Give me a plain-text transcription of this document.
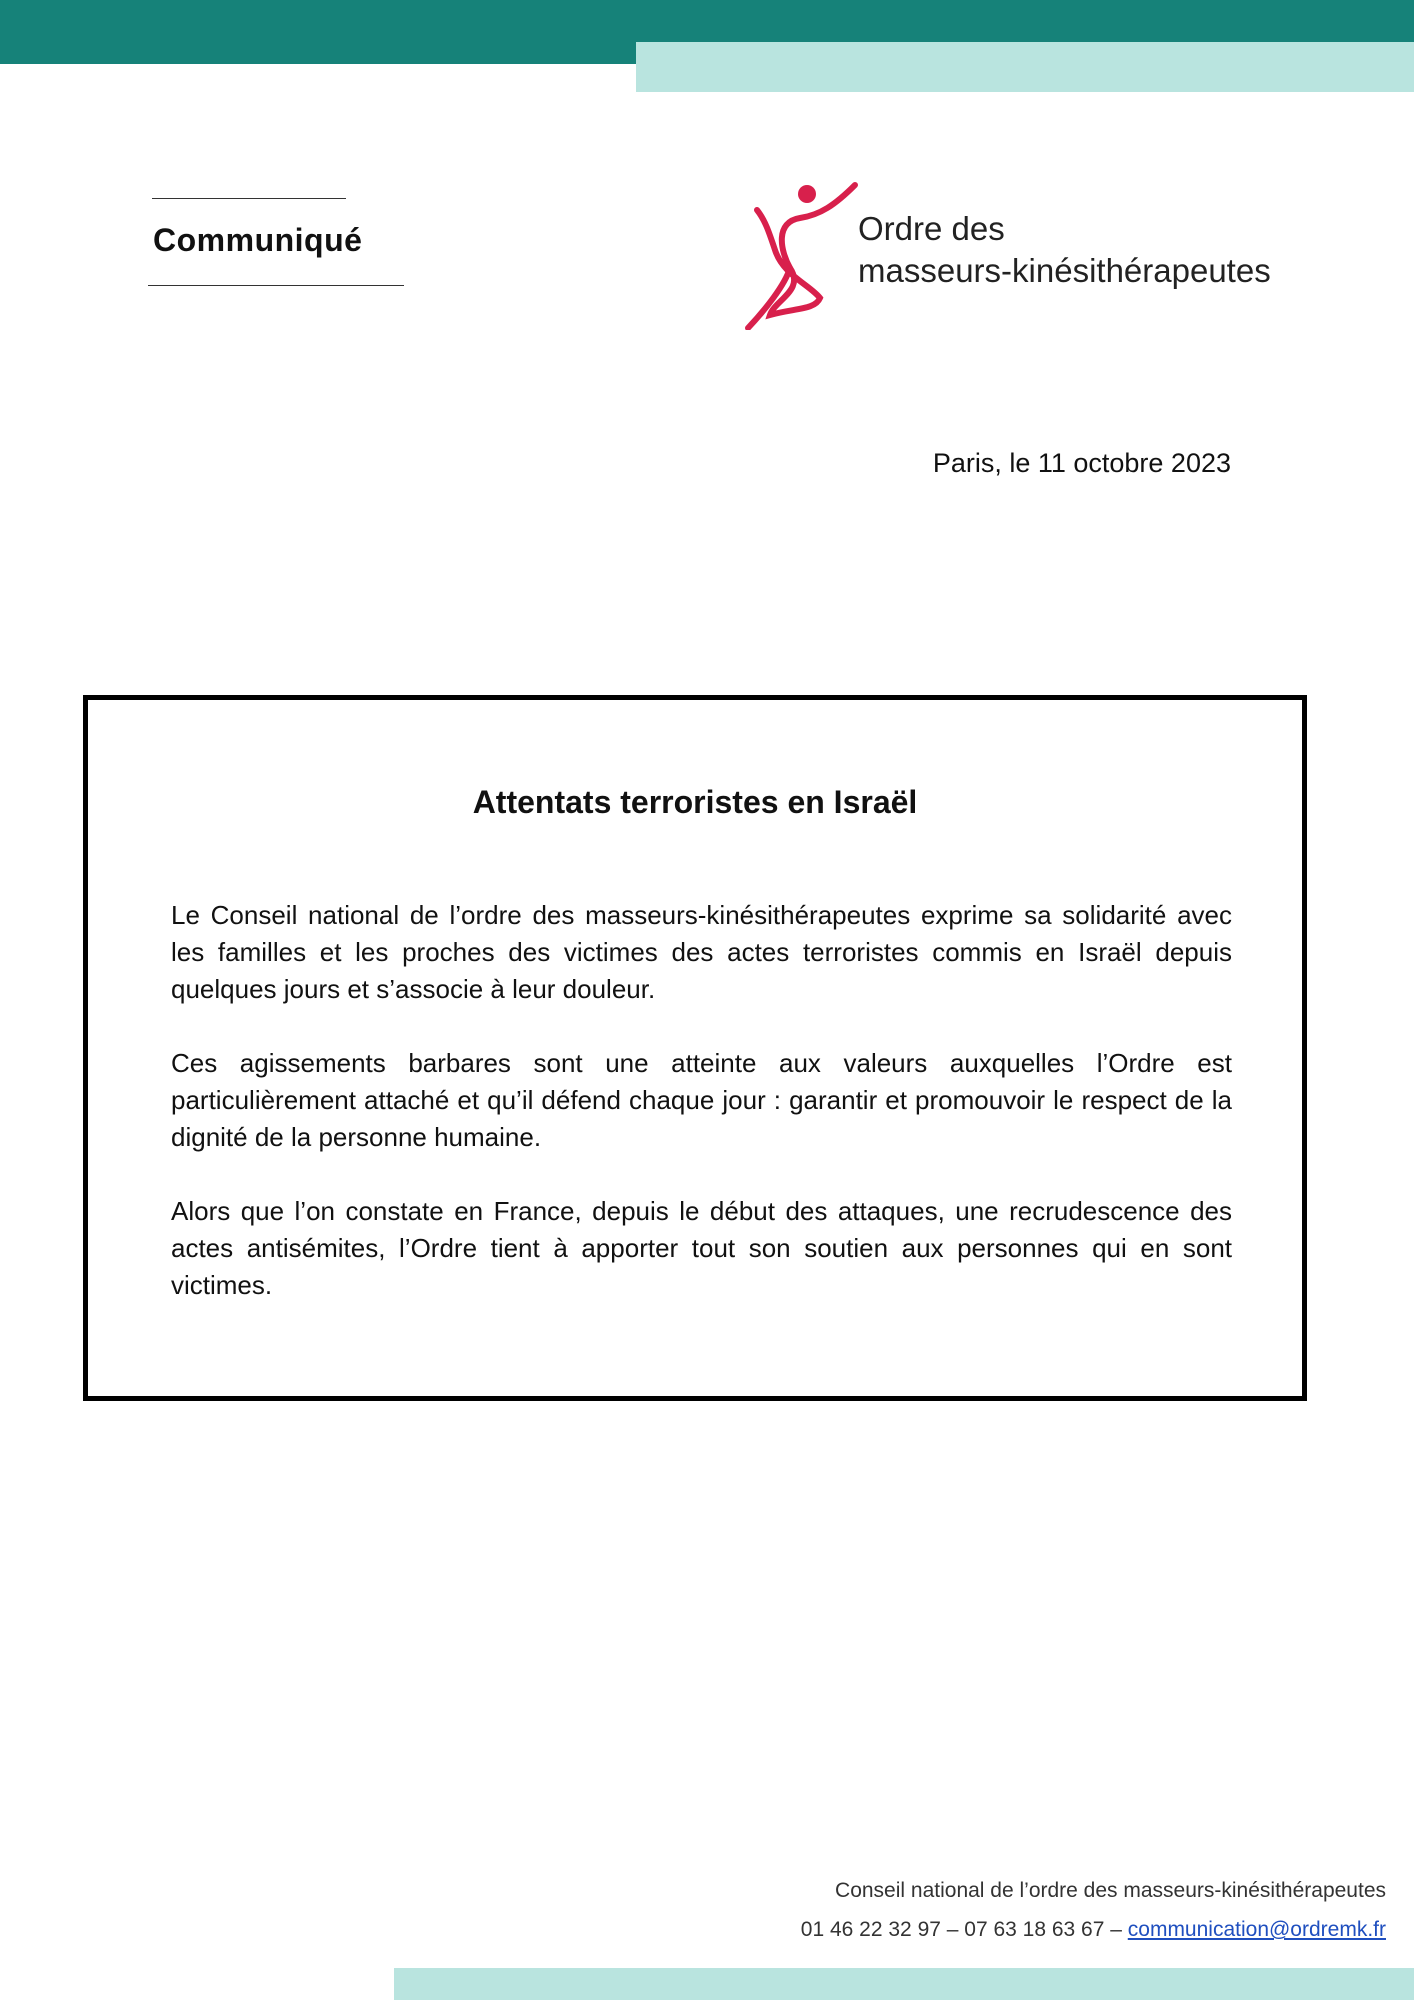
Communiqué	Ordre des
masseurs-kinésithérapeutes
Paris, le 11 octobre 2023
Attentats terroristes en Israël

Le Conseil national de l’ordre des masseurs-kinésithérapeutes exprime sa solidarité avec les familles et les proches des victimes des actes terroristes commis en Israël depuis quelques jours et s’associe à leur douleur.

Ces agissements barbares sont une atteinte aux valeurs auxquelles l’Ordre est particulièrement attaché et qu’il défend chaque jour : garantir et promouvoir le respect de la dignité de la personne humaine.

Alors que l’on constate en France, depuis le début des attaques, une recrudescence des actes antisémites, l’Ordre tient à apporter tout son soutien aux personnes qui en sont victimes.

Conseil national de l’ordre des masseurs-kinésithérapeutes
01 46 22 32 97 – 07 63 18 63 67 – communication@ordremk.fr
